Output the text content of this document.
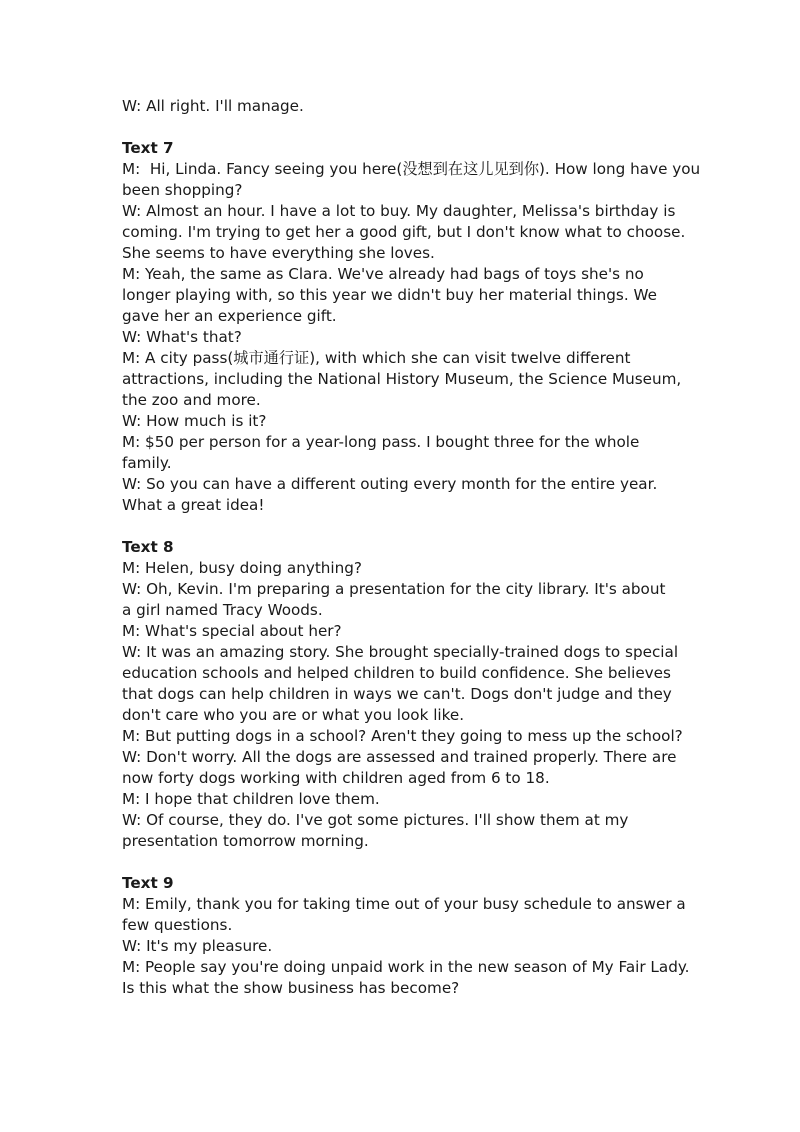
W: All right. I'll manage.
Text 7
M:  Hi, Linda. Fancy seeing you here(没想到在这儿见到你). How long have you
been shopping?
W: Almost an hour. I have a lot to buy. My daughter, Melissa's birthday is
coming. I'm trying to get her a good gift, but I don't know what to choose.
She seems to have everything she loves.
M: Yeah, the same as Clara. We've already had bags of toys she's no
longer playing with, so this year we didn't buy her material things. We
gave her an experience gift.
W: What's that?
M: A city pass(城市通行证), with which she can visit twelve different
attractions, including the National History Museum, the Science Museum,
the zoo and more.
W: How much is it?
M: $50 per person for a year-long pass. I bought three for the whole
family.
W: So you can have a different outing every month for the entire year.
What a great idea!
Text 8
M: Helen, busy doing anything?
W: Oh, Kevin. I'm preparing a presentation for the city library. It's about
a girl named Tracy Woods.
M: What's special about her?
W: It was an amazing story. She brought specially-trained dogs to special
education schools and helped children to build confidence. She believes
that dogs can help children in ways we can't. Dogs don't judge and they
don't care who you are or what you look like.
M: But putting dogs in a school? Aren't they going to mess up the school?
W: Don't worry. All the dogs are assessed and trained properly. There are
now forty dogs working with children aged from 6 to 18.
M: I hope that children love them.
W: Of course, they do. I've got some pictures. I'll show them at my
presentation tomorrow morning.
Text 9
M: Emily, thank you for taking time out of your busy schedule to answer a
few questions.
W: It's my pleasure.
M: People say you're doing unpaid work in the new season of My Fair Lady.
Is this what the show business has become?
